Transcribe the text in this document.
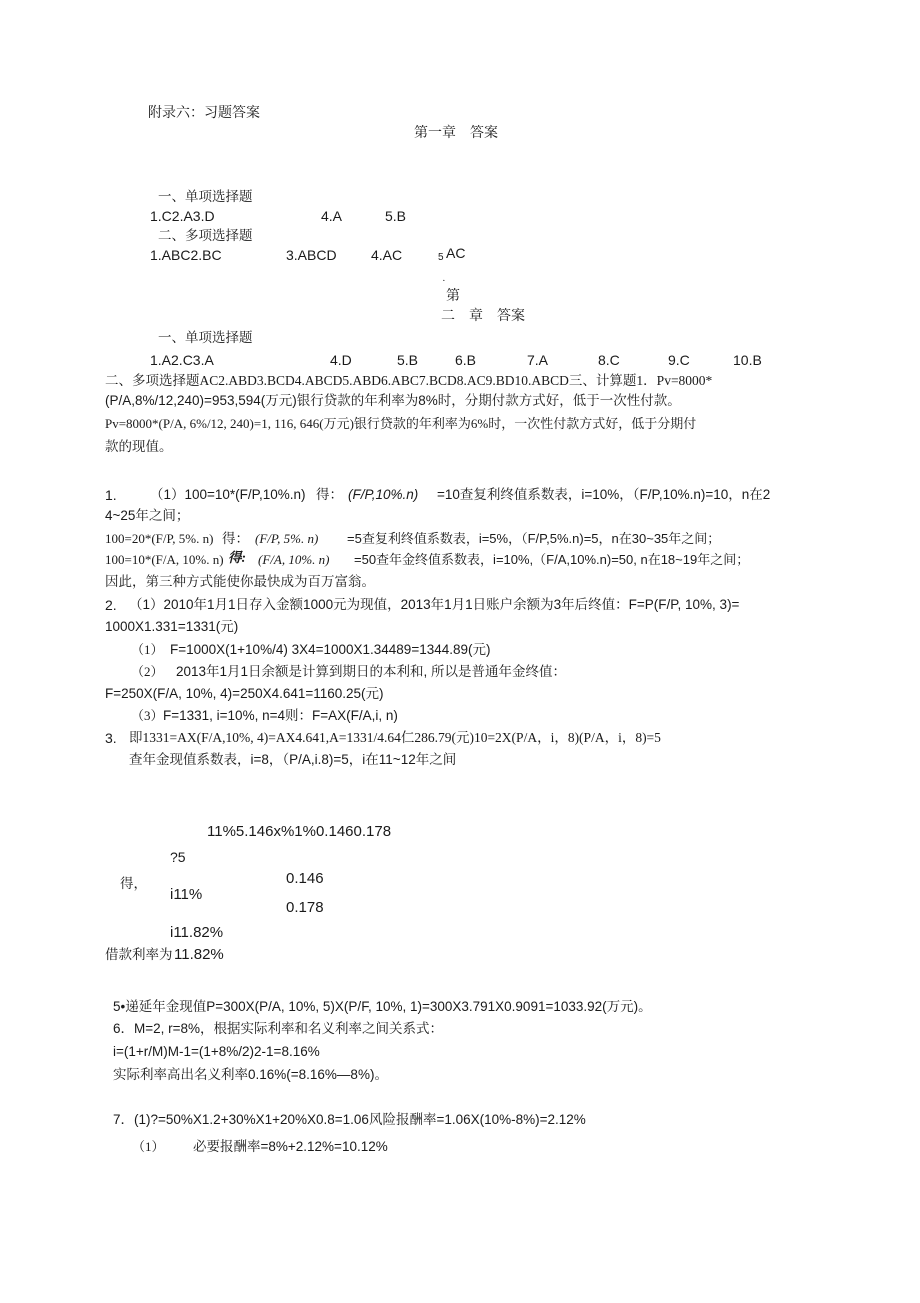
附录六：习题答案
第一章    答案
一、单项选择题
1.C2.A3.D	4.A	5.B
二、多项选择题
1.ABC2.BC	3.ABCD 4.AC	5 AC
·
第
二    章    答案
一、单项选择题
1.A2.C3.A	4.D	5.B	6.B	7.A	8.C	9.C	10.B
二、多项选择题AC2.ABD3.BCD4.ABCD5.ABD6.ABC7.BCD8.AC9.BD10.ABCD三、计算题1．Pv=8000*
(P/A,8%/12,240)=953,594(万元)银行贷款的年利率为8%时，分期付款方式好，低于一次性付款。
Pv=8000*(P/A, 6%/12, 240)=1, 116, 646(万元)银行贷款的年利率为6%时，一次性付款方式好，低于分期付
款的现值。
1. （1）100=10*(F/P,10%.n) 得： (F/P,10%.n) =10查复利终值系数表，i=10%，（F/P,10%.n)=10，n在2
4~25年之间；
100=20*(F/P, 5%. n) 得： (F/P, 5%. n) =5查复利终值系数表，i=5%，（F/P,5%.n)=5，n在30~35年之间；
100=10*(F/A, 10%. n) 得: (F/A, 10%. n) =50查年金终值系数表，i=10%,（F/A,10%.n)=50, n在18~19年之间；
因此，第三种方式能使你最快成为百万富翁。
2. （1）2010年1月1日存入金额1000元为现值，2013年1月1日账户余额为3年后终值：F=P(F/P, 10%, 3)=
1000X1.331=1331(元)
（1） F=1000X(1+10%/4) 3X4=1000X1.34489=1344.89(元)
（2） 2013年1月1日余额是计算到期日的本利和, 所以是普通年金终值：
F=250X(F/A, 10%, 4)=250X4.641=1160.25(元)
（3） F=1331, i=10%, n=4则：F=AX(F/A,i, n)
3. 即1331=AX(F/A,10%, 4)=AX4.641,A=1331/4.64仁286.79(元)10=2X(P/A，i，8)(P/A，i，8)=5
查年金现值系数表，i=8，（P/A,i.8)=5，i在11~12年之间
11%5.146x%1%0.1460.178
?5
得，	0.146
i11%
0.178
i11.82%
借款利率为 11.82%
5•递延年金现值P=300X(P/A, 10%, 5)X(P/F, 10%, 1)=300X3.791X0.9091=1033.92(万元)。
6．M=2, r=8%，根据实际利率和名义利率之间关系式：
i=(1+r/M)M-1=(1+8%/2)2-1=8.16%
实际利率高出名义利率0.16%(=8.16%—8%)。
7．(1)?=50%X1.2+30%X1+20%X0.8=1.06风险报酬率=1.06X(10%-8%)=2.12%
（1） 必要报酬率=8%+2.12%=10.12%
